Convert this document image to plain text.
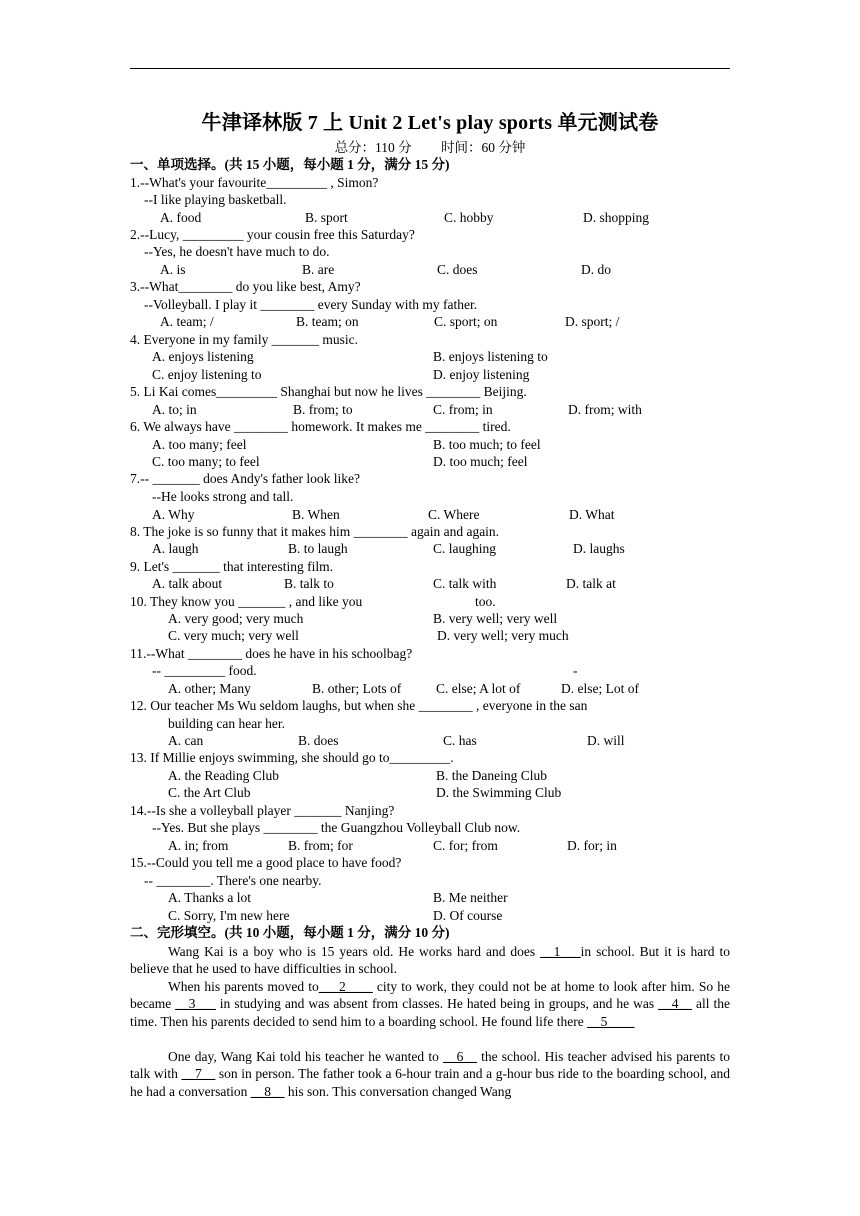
牛津译林版 7 上 Unit 2 Let's play sports 单元测试卷
总分：110 分 时间：60 分钟
一、单项选择。(共 15 小题，每小题 1 分，满分 15 分)
1.--What's your favourite_________ , Simon?
--I like playing basketball.
A. food	B. sport	C. hobby	D. shopping
2.--Lucy, _________ your cousin free this Saturday?
--Yes, he doesn't have much to do.
A. is	B. are	C. does	D. do
3.--What________ do you like best, Amy?
--Volleyball. I play it ________ every Sunday with my father.
A. team; /	B. team; on	C. sport; on	D. sport; /
4. Everyone in my family _______ music.
A. enjoys listening	B. enjoys listening to
C. enjoy listening to	D. enjoy listening
5. Li Kai comes_________ Shanghai but now he lives ________ Beijing.
A. to; in	B. from; to	C. from; in	D. from; with
6. We always have ________ homework. It makes me ________ tired.
A. too many; feel	B. too much; to feel
C. too many; to feel	D. too much; feel
7.-- _______ does Andy's father look like?
--He looks strong and tall.
A. Why	B. When	C. Where	D. What
8. The joke is so funny that it makes him ________ again and again.
A. laugh	B. to laugh	C. laughing	D. laughs
9. Let's _______ that interesting film.
A. talk about	B. talk to	C. talk with	D. talk at
10. They know you _______ , and like you	too.
A. very good; very much	B. very well; very well
C. very much; very well	D. very well; very much
11.--What ________ does he have in his schoolbag?
-- _________ food.	-
A. other; Many	B. other; Lots of	C. else; A lot of	D. else; Lot of
12. Our teacher Ms Wu seldom laughs, but when she ________ , everyone in the san
building can hear her.
A. can	B. does	C. has	D. will
13. If Millie enjoys swimming, she should go to_________.
A. the Reading Club	B. the Daneing Club
C. the Art Club	D. the Swimming Club
14.--Is she a volleyball player _______ Nanjing?
--Yes. But she plays ________ the Guangzhou Volleyball Club now.
A. in; from	B. from; for	C. for; from	D. for; in
15.--Could you tell me a good place to have food?
-- ________. There's one nearby.
A. Thanks a lot	B. Me neither
C. Sorry, I'm new here	D. Of course
二、完形填空。(共 10 小题，每小题 1 分，满分 10 分)
Wang Kai is a boy who is 15 years old. He works hard and does __1___in school. But it is hard to believe that he used to have difficulties in school.
When his parents moved to___2____ city to work, they could not be at home to look after him. So he became __3___ in studying and was absent from classes. He hated being in groups, and he was __4__ all the time. Then his parents decided to send him to a boarding school. He found life there __5____
One day, Wang Kai told his teacher he wanted to __6__ the school. His teacher advised his parents to talk with __7__ son in person. The father took a 6-hour train and a g-hour bus ride to the boarding school, and he had a conversation __8__ his son. This conversation changed Wang
